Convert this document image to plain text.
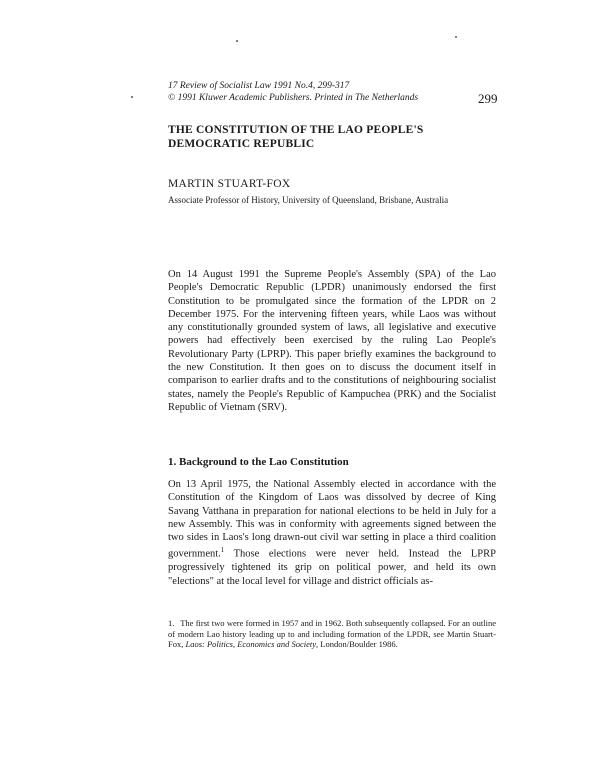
17 Review of Socialist Law 1991 No.4, 299-317
© 1991 Kluwer Academic Publishers. Printed in The Netherlands	299
THE CONSTITUTION OF THE LAO PEOPLE'S DEMOCRATIC REPUBLIC
MARTIN STUART-FOX
Associate Professor of History, University of Queensland, Brisbane, Australia
On 14 August 1991 the Supreme People's Assembly (SPA) of the Lao People's Democratic Republic (LPDR) unanimously endorsed the first Constitution to be promulgated since the formation of the LPDR on 2 December 1975. For the intervening fifteen years, while Laos was without any constitutionally grounded system of laws, all legislative and executive powers had effectively been exercised by the ruling Lao People's Revolutionary Party (LPRP). This paper briefly examines the background to the new Constitution. It then goes on to discuss the document itself in comparison to earlier drafts and to the constitutions of neighbouring socialist states, namely the People's Republic of Kampuchea (PRK) and the Socialist Republic of Vietnam (SRV).
1. Background to the Lao Constitution
On 13 April 1975, the National Assembly elected in accordance with the Constitution of the Kingdom of Laos was dissolved by decree of King Savang Vatthana in preparation for national elections to be held in July for a new Assembly. This was in conformity with agreements signed between the two sides in Laos's long drawn-out civil war setting in place a third coalition government.$^1$ Those elections were never held. Instead the LPRP progressively tightened its grip on political power, and held its own "elections" at the local level for village and district officials as-
1. The first two were formed in 1957 and in 1962. Both subsequently collapsed. For an outline of modern Lao history leading up to and including formation of the LPDR, see Martin Stuart-Fox, Laos: Politics, Economics and Society, London/Boulder 1986.
